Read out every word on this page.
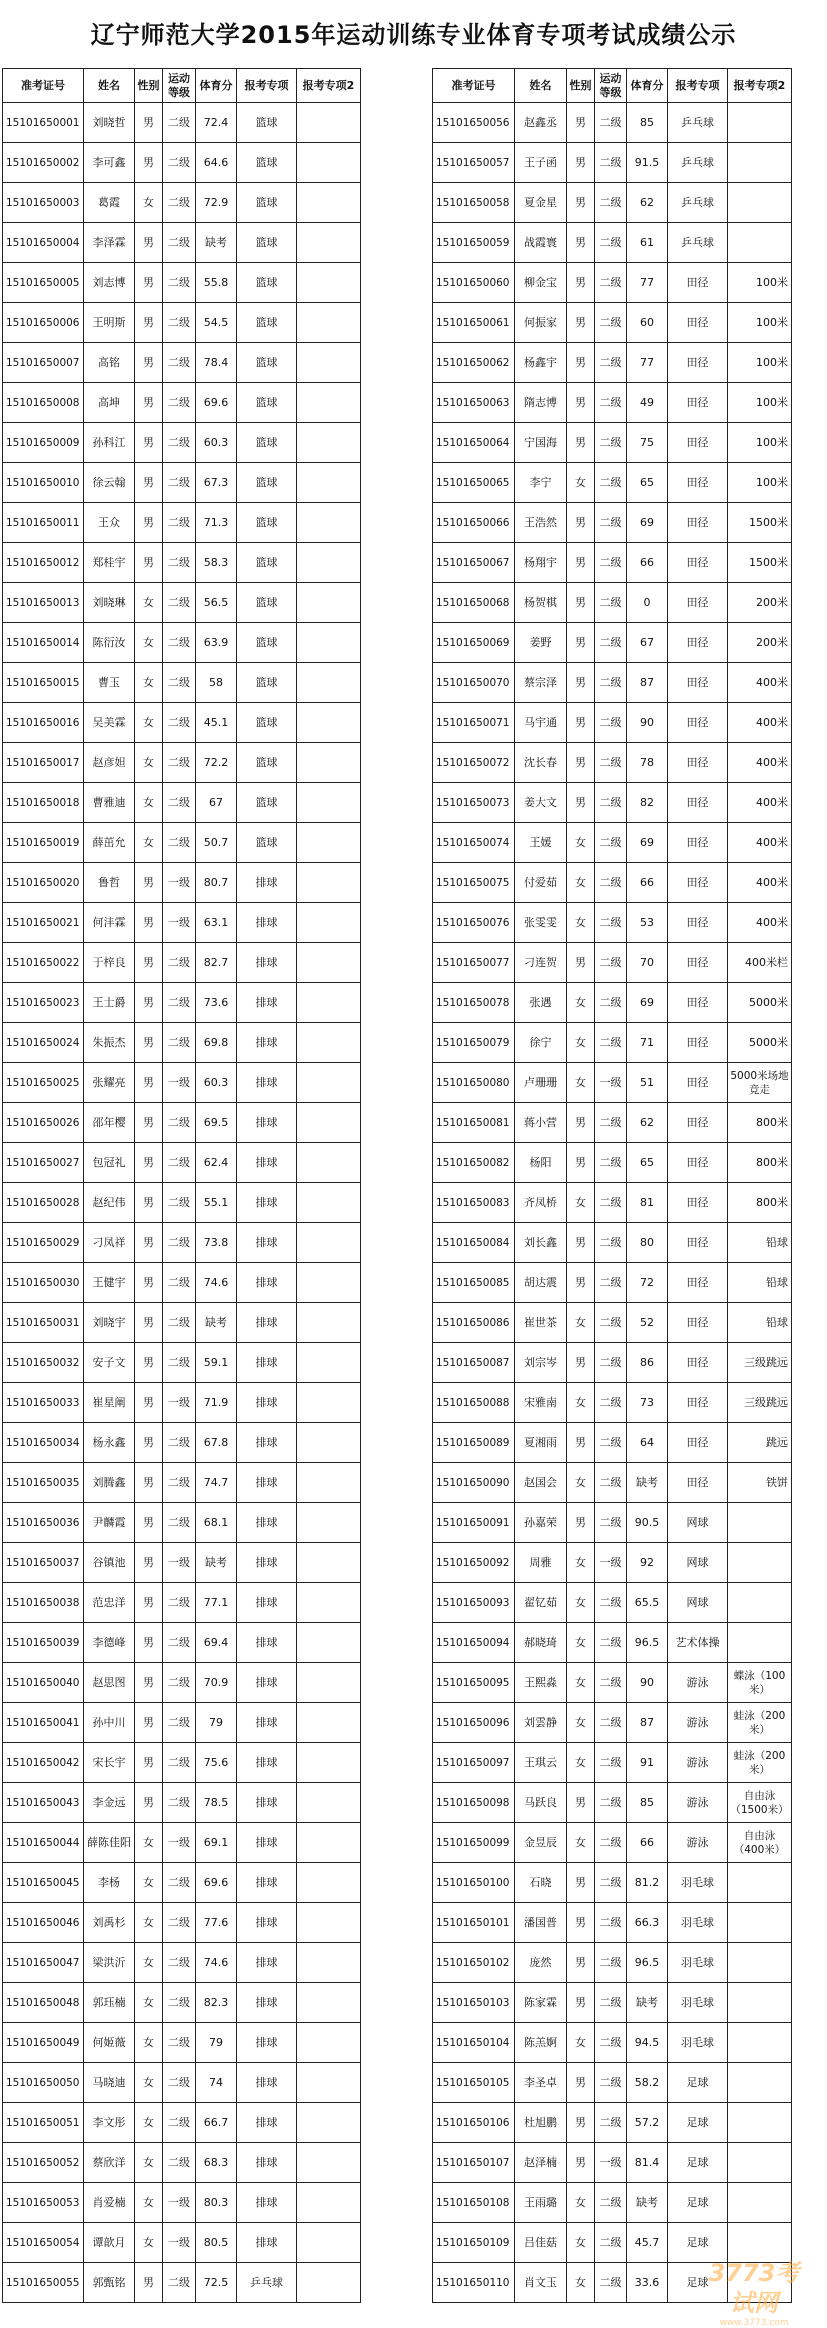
辽宁师范大学2015年运动训练专业体育专项考试成绩公示
准考证号	姓名	性别	运动等级	体育分	报考专项	报考专项2
15101650001	刘晓哲	男	二级	72.4	篮球	
15101650002	李可鑫	男	二级	64.6	篮球	
15101650003	葛霞	女	二级	72.9	篮球	
15101650004	李泽霖	男	二级	缺考	篮球	
15101650005	刘志博	男	二级	55.8	篮球	
15101650006	王明斯	男	二级	54.5	篮球	
15101650007	高铭	男	二级	78.4	篮球	
15101650008	高坤	男	二级	69.6	篮球	
15101650009	孙科江	男	二级	60.3	篮球	
15101650010	徐云翰	男	二级	67.3	篮球	
15101650011	王众	男	二级	71.3	篮球	
15101650012	郑桂宇	男	二级	58.3	篮球	
15101650013	刘晓琳	女	二级	56.5	篮球	
15101650014	陈衍汝	女	二级	63.9	篮球	
15101650015	曹玉	女	二级	58	篮球	
15101650016	吴美霖	女	二级	45.1	篮球	
15101650017	赵彦妲	女	二级	72.2	篮球	
15101650018	曹雅迪	女	二级	67	篮球	
15101650019	薛茁允	女	二级	50.7	篮球	
15101650020	鲁哲	男	一级	80.7	排球	
15101650021	何沣霖	男	一级	63.1	排球	
15101650022	于梓良	男	二级	82.7	排球	
15101650023	王士爵	男	二级	73.6	排球	
15101650024	朱振杰	男	二级	69.8	排球	
15101650025	张耀亮	男	一级	60.3	排球	
15101650026	邵年樱	男	二级	69.5	排球	
15101650027	包冠礼	男	二级	62.4	排球	
15101650028	赵纪伟	男	二级	55.1	排球	
15101650029	刁凤祥	男	二级	73.8	排球	
15101650030	王健宇	男	二级	74.6	排球	
15101650031	刘晓宇	男	二级	缺考	排球	
15101650032	安子文	男	二级	59.1	排球	
15101650033	崔星阐	男	一级	71.9	排球	
15101650034	杨永鑫	男	二级	67.8	排球	
15101650035	刘腾鑫	男	二级	74.7	排球	
15101650036	尹麟霞	男	二级	68.1	排球	
15101650037	谷镇池	男	一级	缺考	排球	
15101650038	范忠洋	男	二级	77.1	排球	
15101650039	李德峰	男	二级	69.4	排球	
15101650040	赵思图	男	二级	70.9	排球	
15101650041	孙中川	男	二级	79	排球	
15101650042	宋长宇	男	二级	75.6	排球	
15101650043	李金远	男	二级	78.5	排球	
15101650044	薛陈佳阳	女	一级	69.1	排球	
15101650045	李杨	女	二级	69.6	排球	
15101650046	刘禹杉	女	二级	77.6	排球	
15101650047	梁洪沂	女	二级	74.6	排球	
15101650048	郭珏楠	女	二级	82.3	排球	
15101650049	何姬薇	女	二级	79	排球	
15101650050	马晓迪	女	二级	74	排球	
15101650051	李文彤	女	二级	66.7	排球	
15101650052	蔡欣洋	女	二级	68.3	排球	
15101650053	肖爱楠	女	一级	80.3	排球	
15101650054	谭歆月	女	一级	80.5	排球	
15101650055	郭甄铭	男	二级	72.5	乒乓球	
准考证号	姓名	性别	运动等级	体育分	报考专项	报考专项2
15101650056	赵鑫丞	男	二级	85	乒乓球	
15101650057	王子函	男	二级	91.5	乒乓球	
15101650058	夏金星	男	二级	62	乒乓球	
15101650059	战霞寰	男	二级	61	乒乓球	
15101650060	柳金宝	男	二级	77	田径	100米
15101650061	何振家	男	二级	60	田径	100米
15101650062	杨鑫宇	男	二级	77	田径	100米
15101650063	隋志博	男	二级	49	田径	100米
15101650064	宁国海	男	二级	75	田径	100米
15101650065	李宁	女	二级	65	田径	100米
15101650066	王浩然	男	二级	69	田径	1500米
15101650067	杨翔宇	男	二级	66	田径	1500米
15101650068	杨贺棋	男	二级	0	田径	200米
15101650069	姜野	男	二级	67	田径	200米
15101650070	蔡宗泽	男	二级	87	田径	400米
15101650071	马宇通	男	二级	90	田径	400米
15101650072	沈长春	男	二级	78	田径	400米
15101650073	姜大文	男	二级	82	田径	400米
15101650074	王媛	女	二级	69	田径	400米
15101650075	付爱茹	女	二级	66	田径	400米
15101650076	张雯雯	女	二级	53	田径	400米
15101650077	刁连贺	男	二级	70	田径	400米栏
15101650078	张遇	女	二级	69	田径	5000米
15101650079	徐宁	女	二级	71	田径	5000米
15101650080	卢珊珊	女	一级	51	田径	5000米场地竞走
15101650081	蒋小营	男	二级	62	田径	800米
15101650082	杨阳	男	二级	65	田径	800米
15101650083	齐凤桥	女	二级	81	田径	800米
15101650084	刘长鑫	男	二级	80	田径	铅球
15101650085	胡达震	男	二级	72	田径	铅球
15101650086	崔世茶	女	二级	52	田径	铅球
15101650087	刘宗岑	男	二级	86	田径	三级跳远
15101650088	宋雅南	女	二级	73	田径	三级跳远
15101650089	夏湘雨	男	二级	64	田径	跳远
15101650090	赵国会	女	二级	缺考	田径	铁饼
15101650091	孙嘉荣	男	二级	90.5	网球	
15101650092	周雅	女	一级	92	网球	
15101650093	翟钇茹	女	二级	65.5	网球	
15101650094	郝晓琦	女	二级	96.5	艺术体操	
15101650095	王熙淼	女	二级	90	游泳	蝶泳（100米）
15101650096	刘雲静	女	二级	87	游泳	蛙泳（200米）
15101650097	王琪云	女	二级	91	游泳	蛙泳（200米）
15101650098	马跃良	男	二级	85	游泳	自由泳（1500米）
15101650099	金昱辰	女	二级	66	游泳	自由泳（400米）
15101650100	石晓	男	二级	81.2	羽毛球	
15101650101	潘国普	男	二级	66.3	羽毛球	
15101650102	庞然	男	二级	96.5	羽毛球	
15101650103	陈家霖	男	二级	缺考	羽毛球	
15101650104	陈羔婀	女	二级	94.5	羽毛球	
15101650105	李圣卓	男	二级	58.2	足球	
15101650106	杜旭鹏	男	二级	57.2	足球	
15101650107	赵泽楠	男	一级	81.4	足球	
15101650108	王雨璐	女	二级	缺考	足球	
15101650109	吕佳菇	女	二级	45.7	足球	
15101650110	肖文玉	女	二级	33.6	足球	3773考试网
www.3773.com
